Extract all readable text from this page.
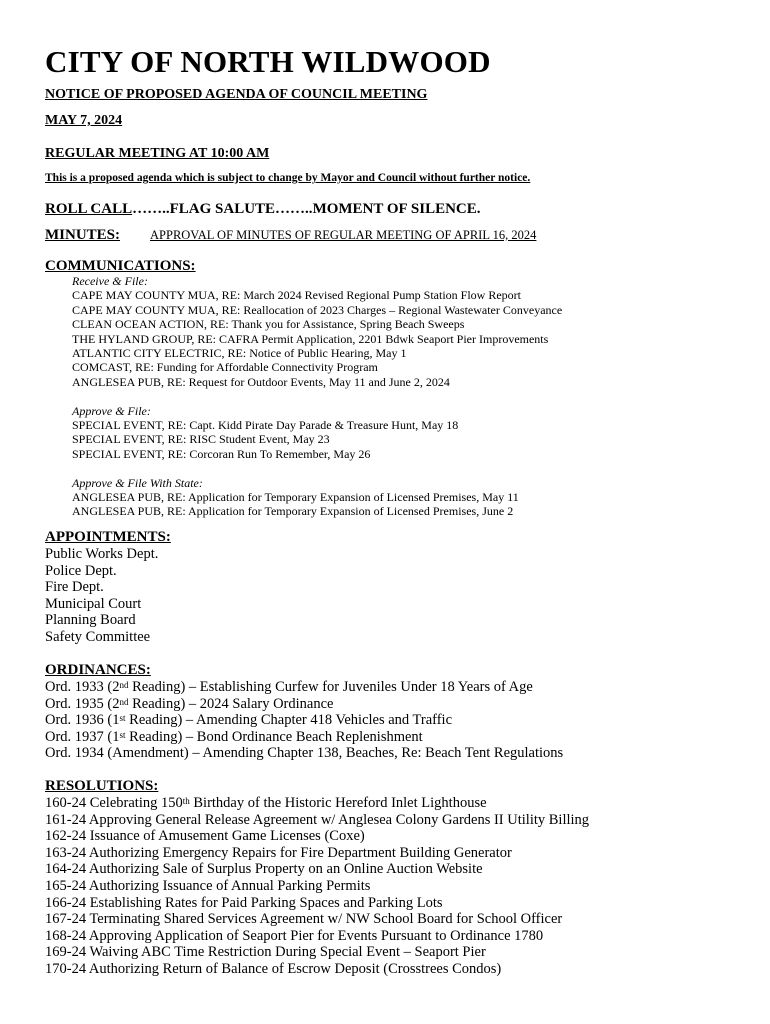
CITY OF NORTH WILDWOOD
NOTICE OF PROPOSED AGENDA OF COUNCIL MEETING
MAY 7, 2024
REGULAR MEETING AT 10:00 AM
This is a proposed agenda which is subject to change by Mayor and Council without further notice.
ROLL CALL……..FLAG SALUTE……..MOMENT OF SILENCE.
MINUTES: APPROVAL OF MINUTES OF REGULAR MEETING OF APRIL 16, 2024
COMMUNICATIONS:
Receive & File:
CAPE MAY COUNTY MUA, RE: March 2024 Revised Regional Pump Station Flow Report
CAPE MAY COUNTY MUA, RE: Reallocation of 2023 Charges – Regional Wastewater Conveyance
CLEAN OCEAN ACTION, RE: Thank you for Assistance, Spring Beach Sweeps
THE HYLAND GROUP, RE: CAFRA Permit Application, 2201 Bdwk Seaport Pier Improvements
ATLANTIC CITY ELECTRIC, RE: Notice of Public Hearing, May 1
COMCAST, RE: Funding for Affordable Connectivity Program
ANGLESEA PUB, RE: Request for Outdoor Events, May 11 and June 2, 2024
Approve & File:
SPECIAL EVENT, RE: Capt. Kidd Pirate Day Parade & Treasure Hunt, May 18
SPECIAL EVENT, RE: RISC Student Event, May 23
SPECIAL EVENT, RE: Corcoran Run To Remember, May 26
Approve & File With State:
ANGLESEA PUB, RE: Application for Temporary Expansion of Licensed Premises, May 11
ANGLESEA PUB, RE: Application for Temporary Expansion of Licensed Premises, June 2
APPOINTMENTS:
Public Works Dept.
Police Dept.
Fire Dept.
Municipal Court
Planning Board
Safety Committee
ORDINANCES:
Ord. 1933 (2nd Reading) – Establishing Curfew for Juveniles Under 18 Years of Age
Ord. 1935 (2nd Reading) – 2024 Salary Ordinance
Ord. 1936 (1st Reading) – Amending Chapter 418 Vehicles and Traffic
Ord. 1937 (1st Reading) – Bond Ordinance Beach Replenishment
Ord. 1934 (Amendment) – Amending Chapter 138, Beaches, Re: Beach Tent Regulations
RESOLUTIONS:
160-24 Celebrating 150th Birthday of the Historic Hereford Inlet Lighthouse
161-24 Approving General Release Agreement w/ Anglesea Colony Gardens II Utility Billing
162-24 Issuance of Amusement Game Licenses (Coxe)
163-24 Authorizing Emergency Repairs for Fire Department Building Generator
164-24 Authorizing Sale of Surplus Property on an Online Auction Website
165-24 Authorizing Issuance of Annual Parking Permits
166-24 Establishing Rates for Paid Parking Spaces and Parking Lots
167-24 Terminating Shared Services Agreement w/ NW School Board for School Officer
168-24 Approving Application of Seaport Pier for Events Pursuant to Ordinance 1780
169-24 Waiving ABC Time Restriction During Special Event – Seaport Pier
170-24 Authorizing Return of Balance of Escrow Deposit (Crosstrees Condos)
